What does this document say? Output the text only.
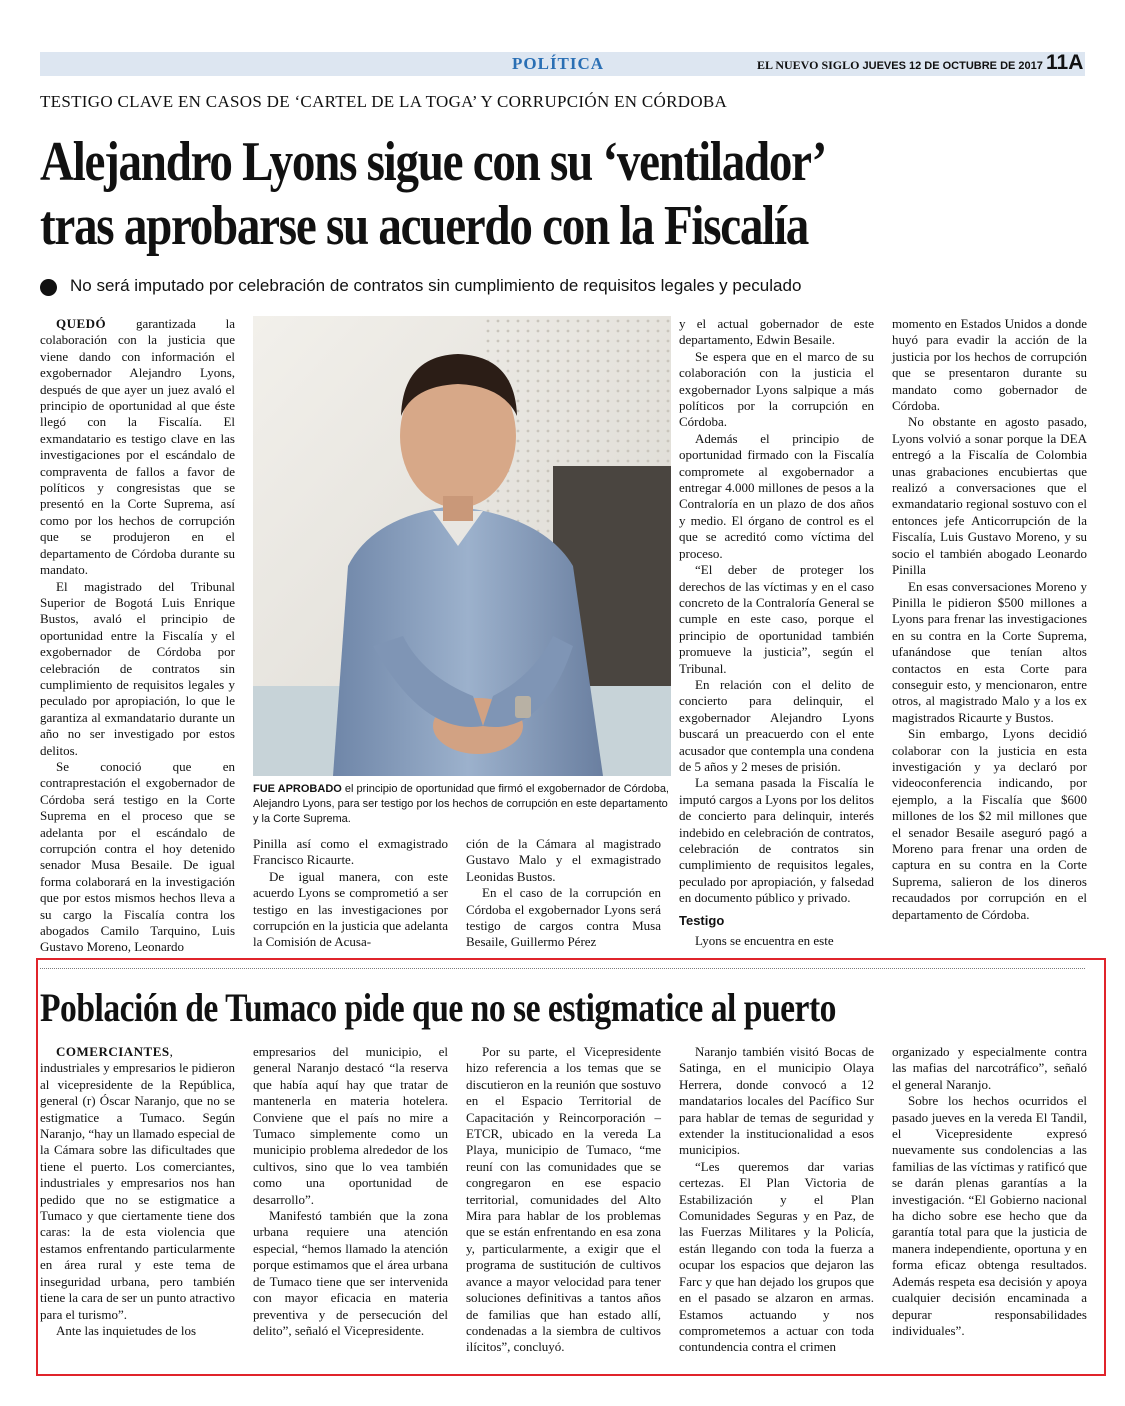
POLÍTICA	EL NUEVO SIGLO JUEVES 12 DE OCTUBRE DE 2017 11A
TESTIGO CLAVE EN CASOS DE ‘CARTEL DE LA TOGA’ Y CORRUPCIÓN EN CÓRDOBA
Alejandro Lyons sigue con su ‘ventilador’
tras aprobarse su acuerdo con la Fiscalía
No será imputado por celebración de contratos sin cumplimiento de requisitos legales y peculado

QUEDÓ garantizada la colaboración con la justicia que viene dando con información el exgobernador Alejandro Lyons, después de que ayer un juez avaló el principio de oportunidad al que éste llegó con la Fiscalía. El exmandatario es testigo clave en las investigaciones por el escándalo de compraventa de fallos a favor de políticos y congresistas que se presentó en la Corte Suprema, así como por los hechos de corrupción que se produjeron en el departamento de Córdoba durante su mandato.

El magistrado del Tribunal Superior de Bogotá Luis Enrique Bustos, avaló el principio de oportunidad entre la Fiscalía y el exgobernador de Córdoba por celebración de contratos sin cumplimiento de requisitos legales y peculado por apropiación, lo que le garantiza al exmandatario durante un año no ser investigado por estos delitos.

Se conoció que en contraprestación el exgobernador de Córdoba será testigo en la Corte Suprema en el proceso que se adelanta por el escándalo de corrupción contra el hoy detenido senador Musa Besaile. De igual forma colaborará en la investigación que por estos mismos hechos lleva a su cargo la Fiscalía contra los abogados Camilo Tarquino, Luis Gustavo Moreno, Leonardo

FUE APROBADO el principio de oportunidad que firmó el exgobernador de Córdoba, Alejandro Lyons, para ser testigo por los hechos de corrupción en este departamento y la Corte Suprema.

Pinilla así como el exmagistrado Francisco Ricaurte.

De igual manera, con este acuerdo Lyons se comprometió a ser testigo en las investigaciones por corrupción en la justicia que adelanta la Comisión de Acusa-

ción de la Cámara al magistrado Gustavo Malo y el exmagistrado Leonidas Bustos.

En el caso de la corrupción en Córdoba el exgobernador Lyons será testigo de cargos contra Musa Besaile, Guillermo Pérez

y el actual gobernador de este departamento, Edwin Besaile.

Se espera que en el marco de su colaboración con la justicia el exgobernador Lyons salpique a más políticos por la corrupción en Córdoba.

Además el principio de oportunidad firmado con la Fiscalía compromete al exgobernador a entregar 4.000 millones de pesos a la Contraloría en un plazo de dos años y medio. El órgano de control es el que se acreditó como víctima del proceso.

“El deber de proteger los derechos de las víctimas y en el caso concreto de la Contraloría General se cumple en este caso, porque el principio de oportunidad también promueve la justicia”, según el Tribunal.

En relación con el delito de concierto para delinquir, el exgobernador Alejandro Lyons buscará un preacuerdo con el ente acusador que contempla una condena de 5 años y 2 meses de prisión.

La semana pasada la Fiscalía le imputó cargos a Lyons por los delitos de concierto para delinquir, interés indebido en celebración de contratos, celebración de contratos sin cumplimiento de requisitos legales, peculado por apropiación, y falsedad en documento público y privado.

Testigo

Lyons se encuentra en este

momento en Estados Unidos a donde huyó para evadir la acción de la justicia por los hechos de corrupción que se presentaron durante su mandato como gobernador de Córdoba.

No obstante en agosto pasado, Lyons volvió a sonar porque la DEA entregó a la Fiscalía de Colombia unas grabaciones encubiertas que realizó a conversaciones que el exmandatario regional sostuvo con el entonces jefe Anticorrupción de la Fiscalía, Luis Gustavo Moreno, y su socio el también abogado Leonardo Pinilla

En esas conversaciones Moreno y Pinilla le pidieron $500 millones a Lyons para frenar las investigaciones en su contra en la Corte Suprema, ufanándose que tenían altos contactos en esta Corte para conseguir esto, y mencionaron, entre otros, al magistrado Malo y a los ex magistrados Ricaurte y Bustos.

Sin embargo, Lyons decidió colaborar con la justicia en esta investigación y ya declaró por videoconferencia indicando, por ejemplo, a la Fiscalía que $600 millones de los $2 mil millones que el senador Besaile aseguró pagó a Moreno para frenar una orden de captura en su contra en la Corte Suprema, salieron de los dineros recaudados por corrupción en el departamento de Córdoba.

Población de Tumaco pide que no se estigmatice al puerto

COMERCIANTES, industriales y empresarios le pidieron al vicepresidente de la República, general (r) Óscar Naranjo, que no se estigmatice a Tumaco. Según Naranjo, “hay un llamado especial de la Cámara sobre las dificultades que tiene el puerto. Los comerciantes, industriales y empresarios nos han pedido que no se estigmatice a Tumaco y que ciertamente tiene dos caras: la de esta violencia que estamos enfrentando particularmente en área rural y este tema de inseguridad urbana, pero también tiene la cara de ser un punto atractivo para el turismo”.

Ante las inquietudes de los

empresarios del municipio, el general Naranjo destacó “la reserva que había aquí hay que tratar de mantenerla en materia hotelera. Conviene que el país no mire a Tumaco simplemente como un municipio problema alrededor de los cultivos, sino que lo vea también como una oportunidad de desarrollo”.

Manifestó también que la zona urbana requiere una atención especial, “hemos llamado la atención porque estimamos que el área urbana de Tumaco tiene que ser intervenida con mayor eficacia en materia preventiva y de persecución del delito”, señaló el Vicepresidente.

Por su parte, el Vicepresidente hizo referencia a los temas que se discutieron en la reunión que sostuvo en el Espacio Territorial de Capacitación y Reincorporación –ETCR, ubicado en la vereda La Playa, municipio de Tumaco, “me reuní con las comunidades que se congregaron en ese espacio territorial, comunidades del Alto Mira para hablar de los problemas que se están enfrentando en esa zona y, particularmente, a exigir que el programa de sustitución de cultivos avance a mayor velocidad para tener soluciones definitivas a tantos años de familias que han estado allí, condenadas a la siembra de cultivos ilícitos”, concluyó.

Naranjo también visitó Bocas de Satinga, en el municipio Olaya Herrera, donde convocó a 12 mandatarios locales del Pacífico Sur para hablar de temas de seguridad y extender la institucionalidad a esos municipios.

“Les queremos dar varias certezas. El Plan Victoria de Estabilización y el Plan Comunidades Seguras y en Paz, de las Fuerzas Militares y la Policía, están llegando con toda la fuerza a ocupar los espacios que dejaron las Farc y que han dejado los grupos que en el pasado se alzaron en armas. Estamos actuando y nos comprometemos a actuar con toda contundencia contra el crimen

organizado y especialmente contra las mafias del narcotráfico”, señaló el general Naranjo.

Sobre los hechos ocurridos el pasado jueves en la vereda El Tandil, el Vicepresidente expresó nuevamente sus condolencias a las familias de las víctimas y ratificó que se darán plenas garantías a la investigación. “El Gobierno nacional ha dicho sobre ese hecho que da garantía total para que la justicia de manera independiente, oportuna y en forma eficaz obtenga resultados. Además respeta esa decisión y apoya cualquier decisión encaminada a depurar responsabilidades individuales”.
